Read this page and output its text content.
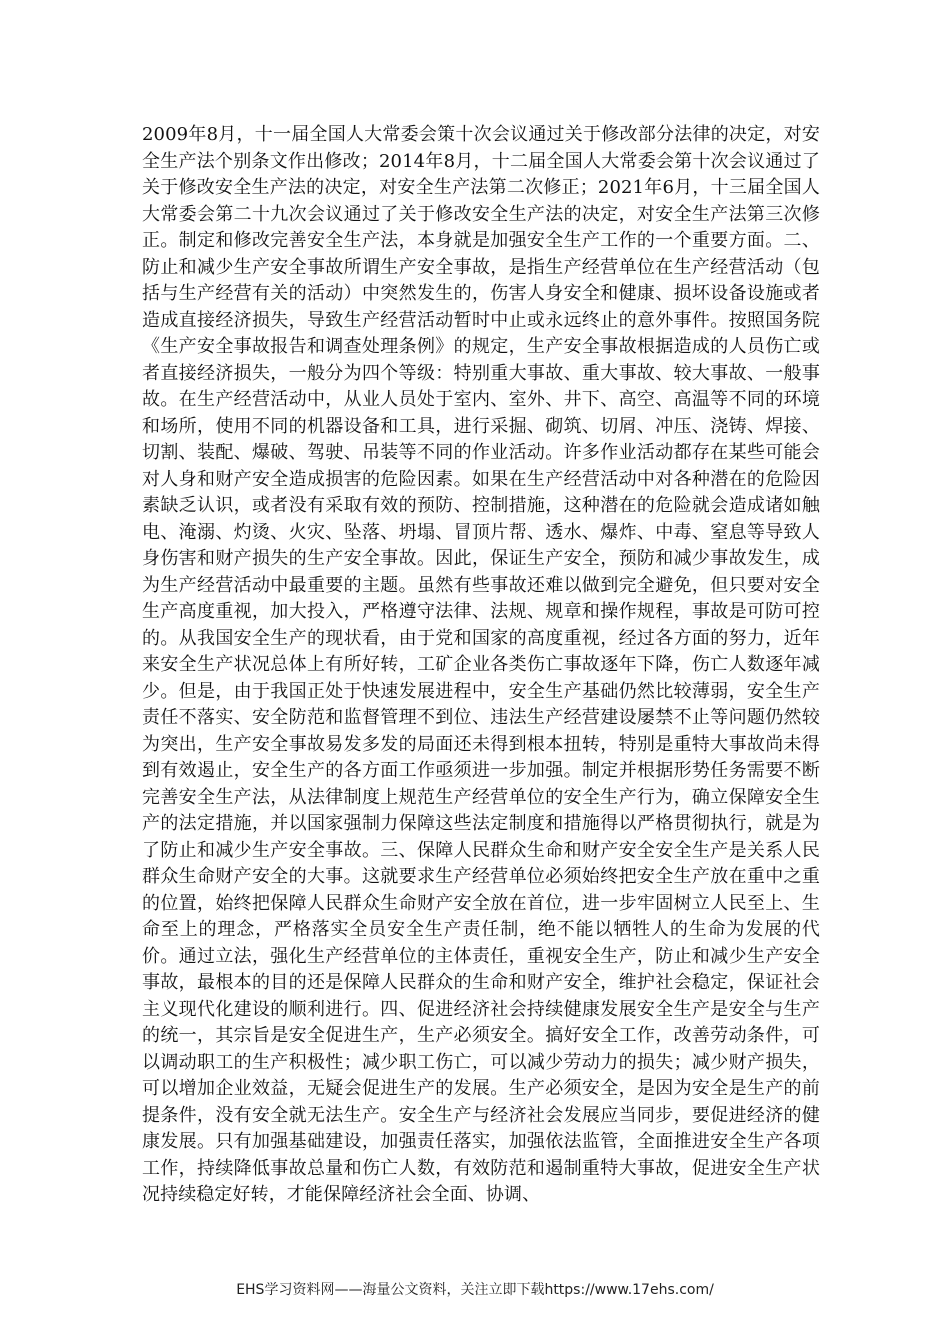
2009年8月，十一届全国人大常委会策十次会议通过关于修改部分法律的决定，对安全生产法个别条文作出修改；2014年8月，十二届全国人大常委会第十次会议通过了关于修改安全生产法的决定，对安全生产法第二次修正；2021年6月，十三届全国人大常委会第二十九次会议通过了关于修改安全生产法的决定，对安全生产法第三次修正。制定和修改完善安全生产法，本身就是加强安全生产工作的一个重要方面。二、防止和减少生产安全事故所谓生产安全事故，是指生产经营单位在生产经营活动（包括与生产经营有关的活动）中突然发生的，伤害人身安全和健康、损坏设备设施或者造成直接经济损失，导致生产经营活动暂时中止或永远终止的意外事件。按照国务院《生产安全事故报告和调查处理条例》的规定，生产安全事故根据造成的人员伤亡或者直接经济损失，一般分为四个等级：特别重大事故、重大事故、较大事故、一般事故。在生产经营活动中，从业人员处于室内、室外、井下、高空、高温等不同的环境和场所，使用不同的机器设备和工具，进行采掘、砌筑、切屑、冲压、浇铸、焊接、切割、装配、爆破、驾驶、吊装等不同的作业活动。许多作业活动都存在某些可能会对人身和财产安全造成损害的危险因素。如果在生产经营活动中对各种潜在的危险因素缺乏认识，或者没有采取有效的预防、控制措施，这种潜在的危险就会造成诸如触电、淹溺、灼烫、火灾、坠落、坍塌、冒顶片帮、透水、爆炸、中毒、窒息等导致人身伤害和财产损失的生产安全事故。因此，保证生产安全，预防和减少事故发生，成为生产经营活动中最重要的主题。虽然有些事故还难以做到完全避免，但只要对安全生产高度重视，加大投入，严格遵守法律、法规、规章和操作规程，事故是可防可控的。从我国安全生产的现状看，由于党和国家的高度重视，经过各方面的努力，近年来安全生产状况总体上有所好转，工矿企业各类伤亡事故逐年下降，伤亡人数逐年减少。但是，由于我国正处于快速发展进程中，安全生产基础仍然比较薄弱，安全生产责任不落实、安全防范和监督管理不到位、违法生产经营建设屡禁不止等问题仍然较为突出，生产安全事故易发多发的局面还未得到根本扭转，特别是重特大事故尚未得到有效遏止，安全生产的各方面工作亟须进一步加强。制定并根据形势任务需要不断完善安全生产法，从法律制度上规范生产经营单位的安全生产行为，确立保障安全生产的法定措施，并以国家强制力保障这些法定制度和措施得以严格贯彻执行，就是为了防止和减少生产安全事故。三、保障人民群众生命和财产安全安全生产是关系人民群众生命财产安全的大事。这就要求生产经营单位必须始终把安全生产放在重中之重的位置，始终把保障人民群众生命财产安全放在首位，进一步牢固树立人民至上、生命至上的理念，严格落实全员安全生产责任制，绝不能以牺牲人的生命为发展的代价。通过立法，强化生产经营单位的主体责任，重视安全生产，防止和减少生产安全事故，最根本的目的还是保障人民群众的生命和财产安全，维护社会稳定，保证社会主义现代化建设的顺利进行。四、促进经济社会持续健康发展安全生产是安全与生产的统一，其宗旨是安全促进生产，生产必须安全。搞好安全工作，改善劳动条件，可以调动职工的生产积极性；减少职工伤亡，可以减少劳动力的损失；减少财产损失，可以增加企业效益，无疑会促进生产的发展。生产必须安全，是因为安全是生产的前提条件，没有安全就无法生产。安全生产与经济社会发展应当同步，要促进经济的健康发展。只有加强基础建设，加强责任落实，加强依法监管，全面推进安全生产各项工作，持续降低事故总量和伤亡人数，有效防范和遏制重特大事故，促进安全生产状况持续稳定好转，才能保障经济社会全面、协调、
EHS学习资料网——海量公文资料，关注立即下载https://www.17ehs.com/
